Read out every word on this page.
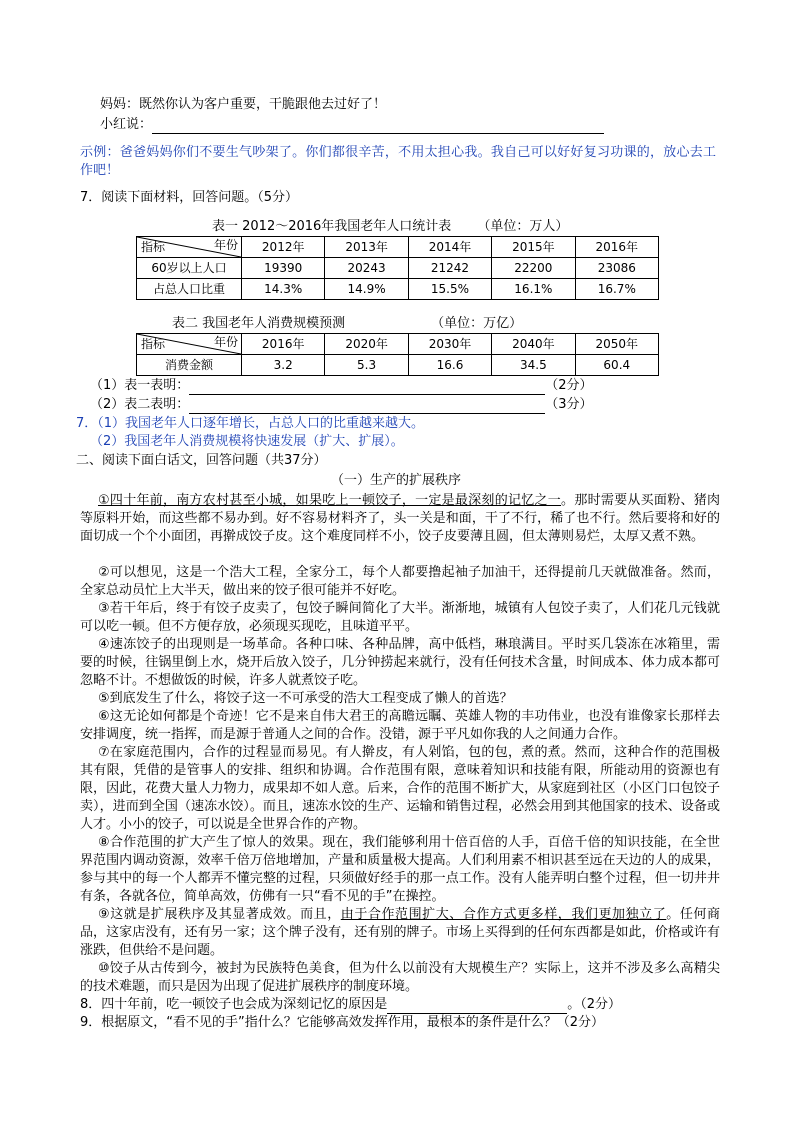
妈妈：既然你认为客户重要，干脆跟他去过好了！
小红说：
示例：爸爸妈妈你们不要生气吵架了。你们都很辛苦，不用太担心我。我自己可以好好复习功课的，放心去工作吧！
7．阅读下面材料，回答问题。（5分）
表一 2012～2016年我国老年人口统计表 （单位：万人）
指标 年份	2012年	2013年	2014年	2015年	2016年
60岁以上人口	19390	20243	21242	22200	23086
占总人口比重	14.3%	14.9%	15.5%	16.1%	16.7%
表二 我国老年人消费规模预测	（单位：万亿）
指标 年份	2016年	2020年	2030年	2040年	2050年
消费金额	3.2	5.3	16.6	34.5	60.4
（1）表一表明：	（2分）
（2）表二表明：	（3分）
7．（1）我国老年人口逐年增长，占总人口的比重越来越大。
（2）我国老年人消费规模将快速发展（扩大、扩展）。
二、阅读下面白话文，回答问题（共37分）
（一）生产的扩展秩序
①四十年前，南方农村甚至小城，如果吃上一顿饺子，一定是最深刻的记忆之一。那时需要从买面粉、猪肉等原料开始，而这些都不易办到。好不容易材料齐了，头一关是和面，干了不行，稀了也不行。然后要将和好的面切成一个个小面团，再擀成饺子皮。这个难度同样不小，饺子皮要薄且圆，但太薄则易烂，太厚又煮不熟。
②可以想见，这是一个浩大工程，全家分工，每个人都要撸起袖子加油干，还得提前几天就做准备。然而，全家总动员忙上大半天，做出来的饺子很可能并不好吃。
③若干年后，终于有饺子皮卖了，包饺子瞬间简化了大半。渐渐地，城镇有人包饺子卖了，人们花几元钱就可以吃一顿。但不方便存放，必须现买现吃，且味道平平。
④速冻饺子的出现则是一场革命。各种口味、各种品牌，高中低档，琳琅满目。平时买几袋冻在冰箱里，需要的时候，往锅里倒上水，烧开后放入饺子，几分钟捞起来就行，没有任何技术含量，时间成本、体力成本都可忽略不计。不想做饭的时候，许多人就煮饺子吃。
⑤到底发生了什么，将饺子这一不可承受的浩大工程变成了懒人的首选？
⑥这无论如何都是个奇迹！它不是来自伟大君王的高瞻远瞩、英雄人物的丰功伟业，也没有谁像家长那样去安排调度，统一指挥，而是源于普通人之间的合作。没错，源于平凡如你我的人之间通力合作。
⑦在家庭范围内，合作的过程显而易见。有人擀皮，有人剁馅，包的包，煮的煮。然而，这种合作的范围极其有限，凭借的是管事人的安排、组织和协调。合作范围有限，意味着知识和技能有限，所能动用的资源也有限，因此，花费大量人力物力，成果却不如人意。后来，合作的范围不断扩大，从家庭到社区（小区门口包饺子卖），进而到全国（速冻水饺）。而且，速冻水饺的生产、运输和销售过程，必然会用到其他国家的技术、设备或人才。小小的饺子，可以说是全世界合作的产物。
⑧合作范围的扩大产生了惊人的效果。现在，我们能够利用十倍百倍的人手，百倍千倍的知识技能，在全世界范围内调动资源，效率千倍万倍地增加，产量和质量极大提高。人们利用素不相识甚至远在天边的人的成果，参与其中的每一个人都弄不懂完整的过程，只须做好经手的那一点工作。没有人能弄明白整个过程，但一切井井有条，各就各位，简单高效，仿佛有一只“看不见的手”在操控。
⑨这就是扩展秩序及其显著成效。而且，由于合作范围扩大、合作方式更多样，我们更加独立了。任何商品，这家店没有，还有另一家；这个牌子没有，还有别的牌子。市场上买得到的任何东西都是如此，价格或许有涨跌，但供给不是问题。
⑩饺子从古传到今，被封为民族特色美食，但为什么以前没有大规模生产？实际上，这并不涉及多么高精尖的技术难题，而只是因为出现了促进扩展秩序的制度环境。
8．四十年前，吃一顿饺子也会成为深刻记忆的原因是	。（2分）
9．根据原文，“看不见的手”指什么？它能够高效发挥作用，最根本的条件是什么？（2分）
